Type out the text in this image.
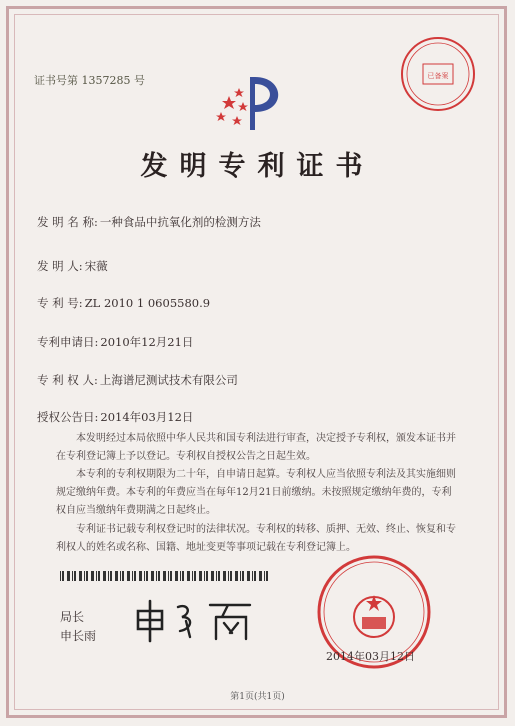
证书号第 1357285 号	已备案
发明专利证书
发 明 名 称: 一种食品中抗氧化剂的检测方法
发 明 人: 宋薇
专 利 号: ZL 2010 1 0605580.9
专利申请日: 2010年12月21日
专 利 权 人: 上海谱尼测试技术有限公司
授权公告日: 2014年03月12日
本发明经过本局依照中华人民共和国专利法进行审查，决定授予专利权，颁发本证书并在专利登记簿上予以登记。专利权自授权公告之日起生效。
本专利的专利权期限为二十年，自申请日起算。专利权人应当依照专利法及其实施细则规定缴纳年费。本专利的年费应当在每年12月21日前缴纳。未按照规定缴纳年费的，专利权自应当缴纳年费期满之日起终止。
专利证书记载专利权登记时的法律状况。专利权的转移、质押、无效、终止、恢复和专利权人的姓名或名称、国籍、地址变更等事项记载在专利登记簿上。
局长
申长雨
2014年03月12日
第1页(共1页)
